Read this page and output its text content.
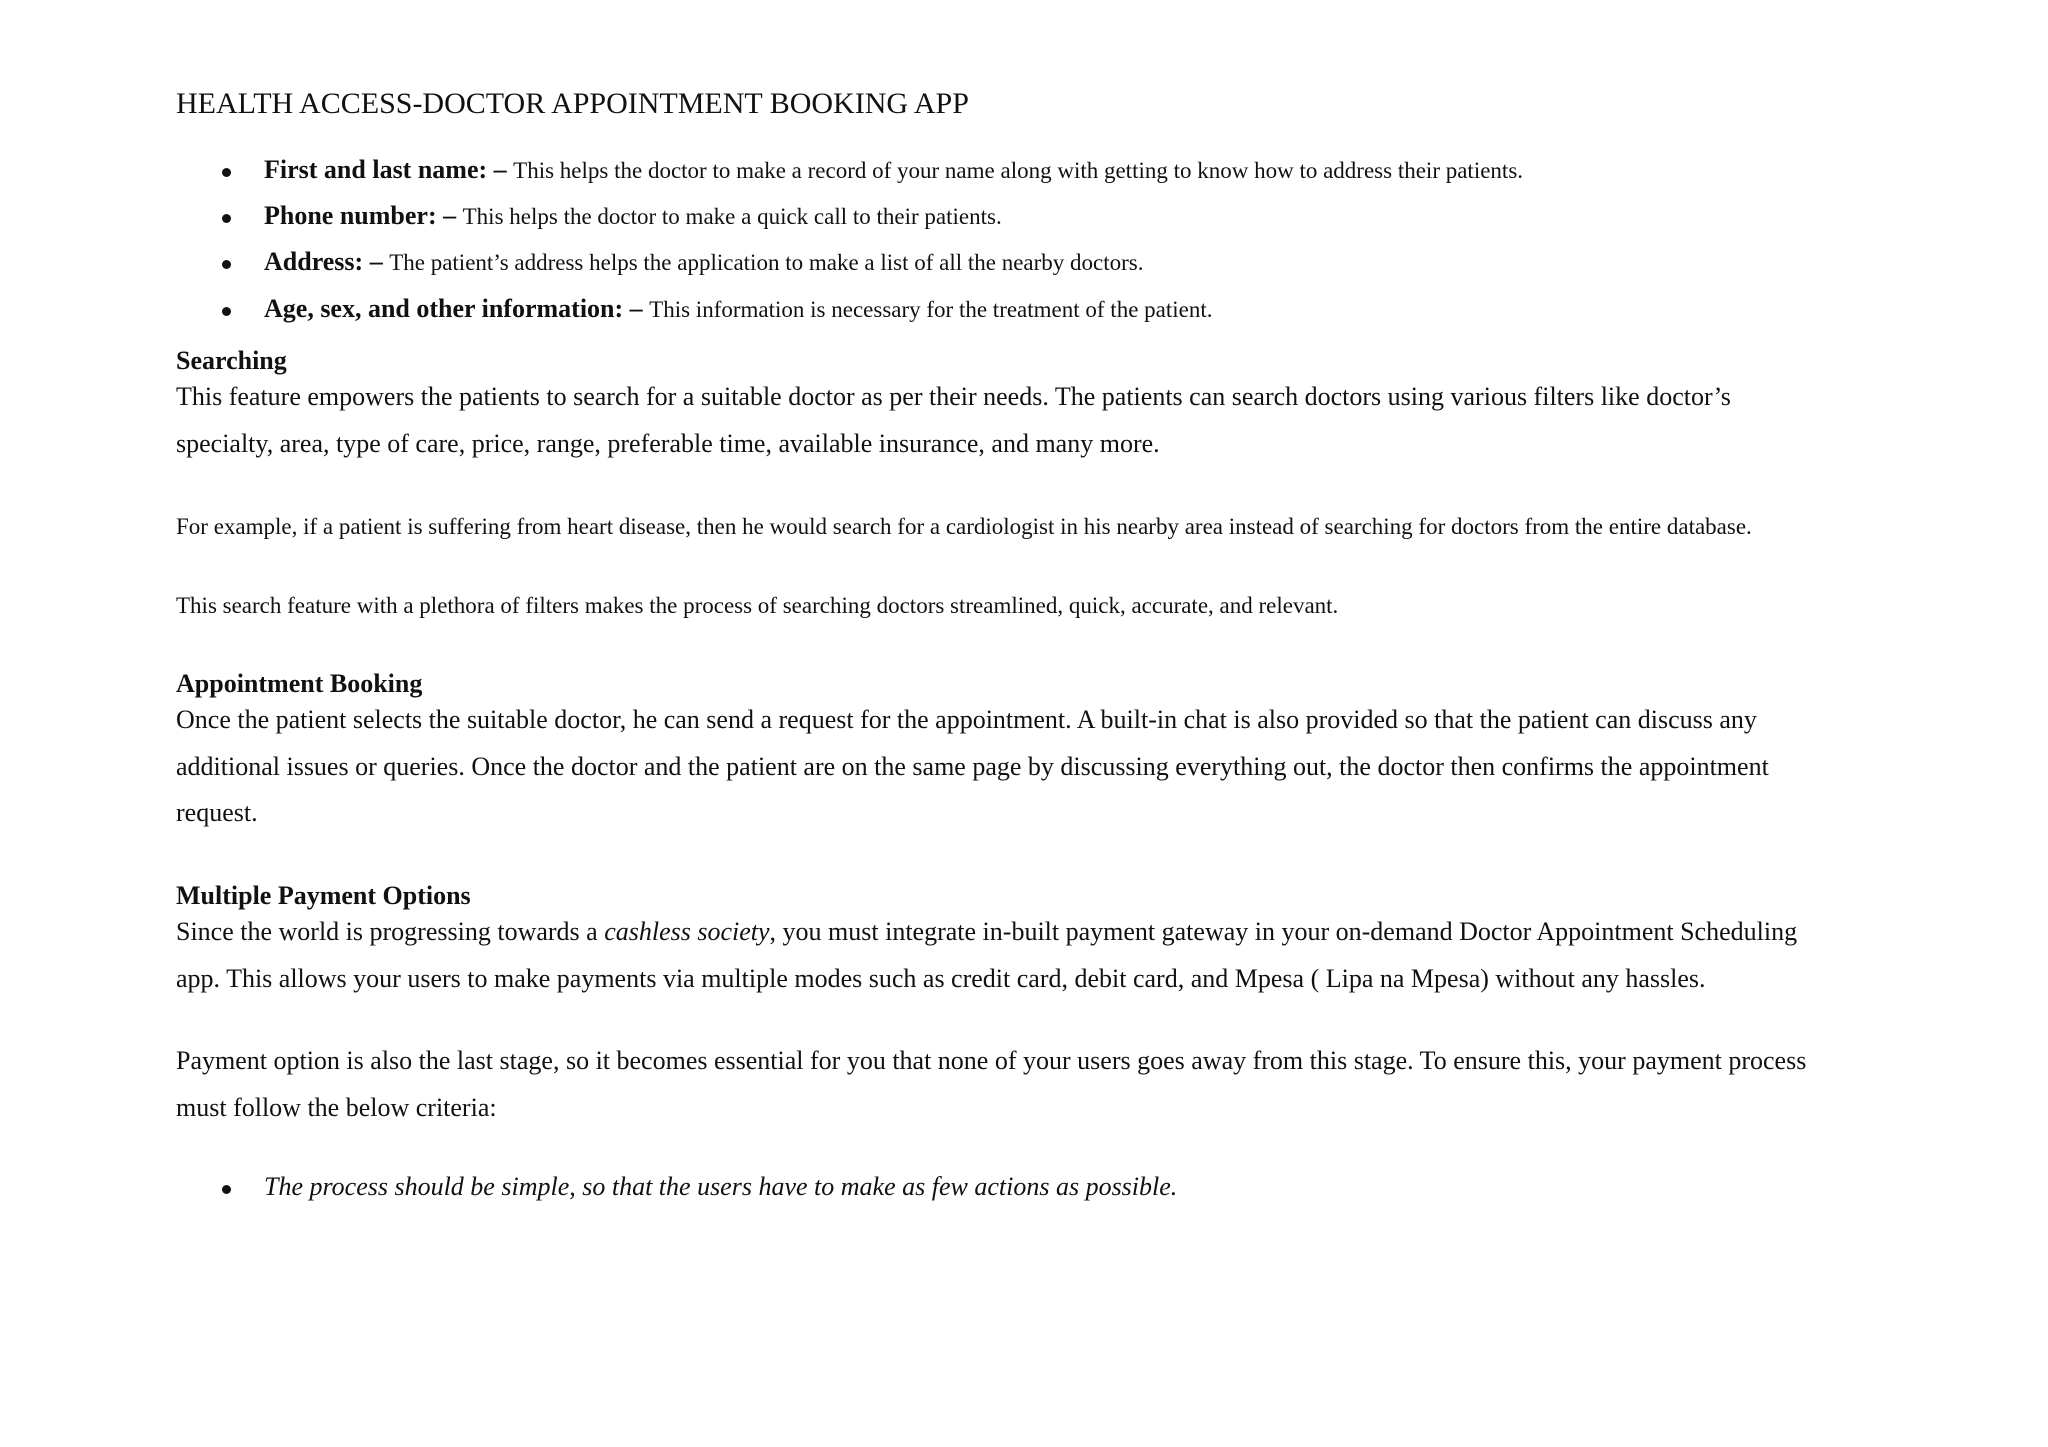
HEALTH ACCESS-DOCTOR APPOINTMENT BOOKING APP
First and last name: – This helps the doctor to make a record of your name along with getting to know how to address their patients.
Phone number: – This helps the doctor to make a quick call to their patients.
Address: – The patient’s address helps the application to make a list of all the nearby doctors.
Age, sex, and other information: – This information is necessary for the treatment of the patient.
Searching
This feature empowers the patients to search for a suitable doctor as per their needs. The patients can search doctors using various filters like doctor’s
specialty, area, type of care, price, range, preferable time, available insurance, and many more.

For example, if a patient is suffering from heart disease, then he would search for a cardiologist in his nearby area instead of searching for doctors from the entire database.

This search feature with a plethora of filters makes the process of searching doctors streamlined, quick, accurate, and relevant.

Appointment Booking
Once the patient selects the suitable doctor, he can send a request for the appointment. A built-in chat is also provided so that the patient can discuss any
additional issues or queries. Once the doctor and the patient are on the same page by discussing everything out, the doctor then confirms the appointment
request.
Multiple Payment Options
Since the world is progressing towards a cashless society, you must integrate in-built payment gateway in your on-demand Doctor Appointment Scheduling
app. This allows your users to make payments via multiple modes such as credit card, debit card, and Mpesa ( Lipa na Mpesa) without any hassles.
Payment option is also the last stage, so it becomes essential for you that none of your users goes away from this stage. To ensure this, your payment process
must follow the below criteria:
The process should be simple, so that the users have to make as few actions as possible.
